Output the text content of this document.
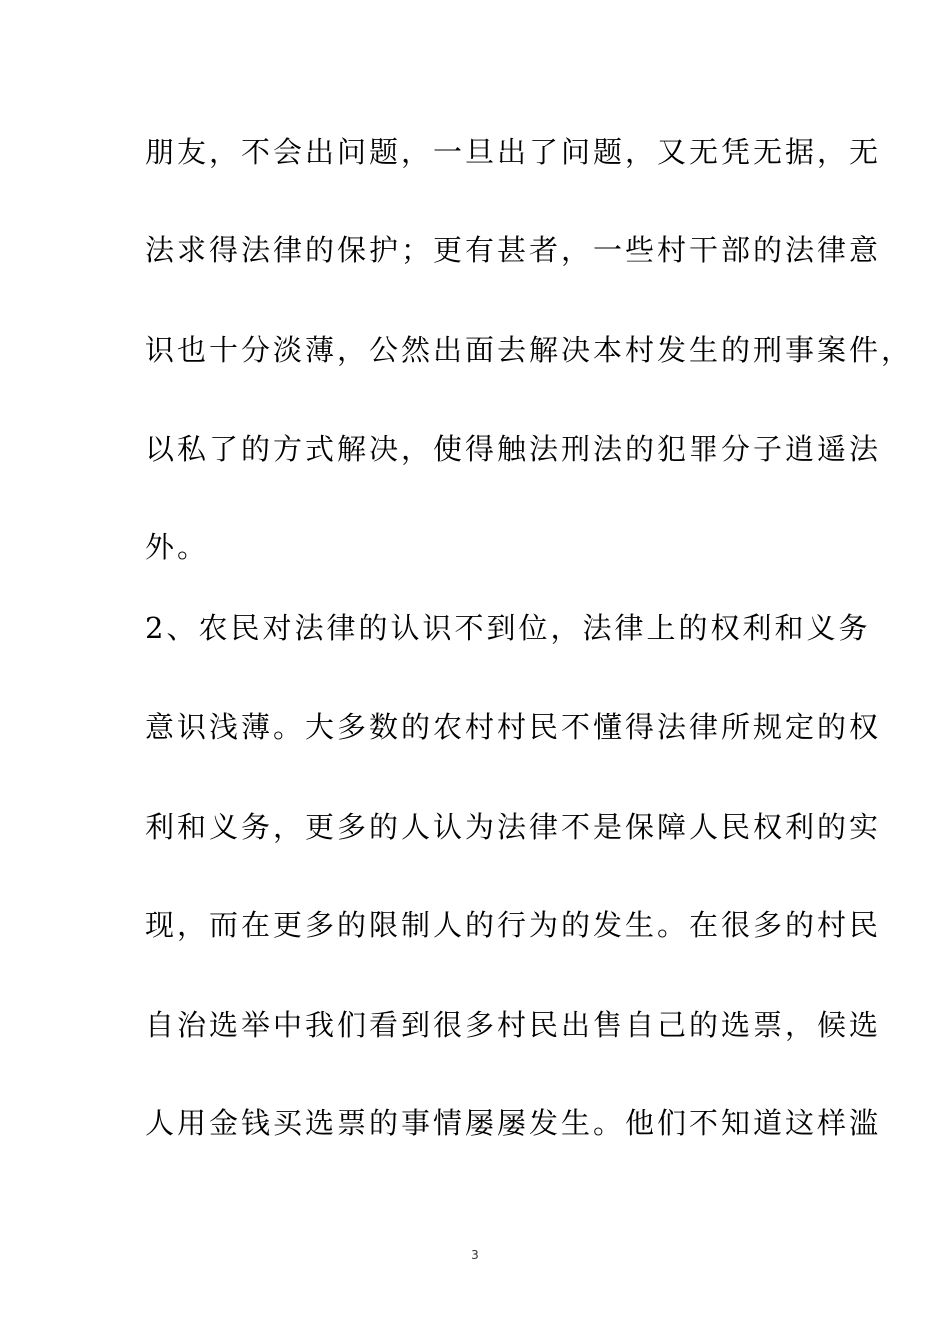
朋友，不会出问题，一旦出了问题，又无凭无据，无
法求得法律的保护；更有甚者，一些村干部的法律意
识也十分淡薄，公然出面去解决本村发生的刑事案件，
以私了的方式解决，使得触法刑法的犯罪分子逍遥法
外。
2、农民对法律的认识不到位，法律上的权利和义务
意识浅薄。大多数的农村村民不懂得法律所规定的权
利和义务，更多的人认为法律不是保障人民权利的实
现，而在更多的限制人的行为的发生。在很多的村民
自治选举中我们看到很多村民出售自己的选票，候选
人用金钱买选票的事情屡屡发生。他们不知道这样滥
3
